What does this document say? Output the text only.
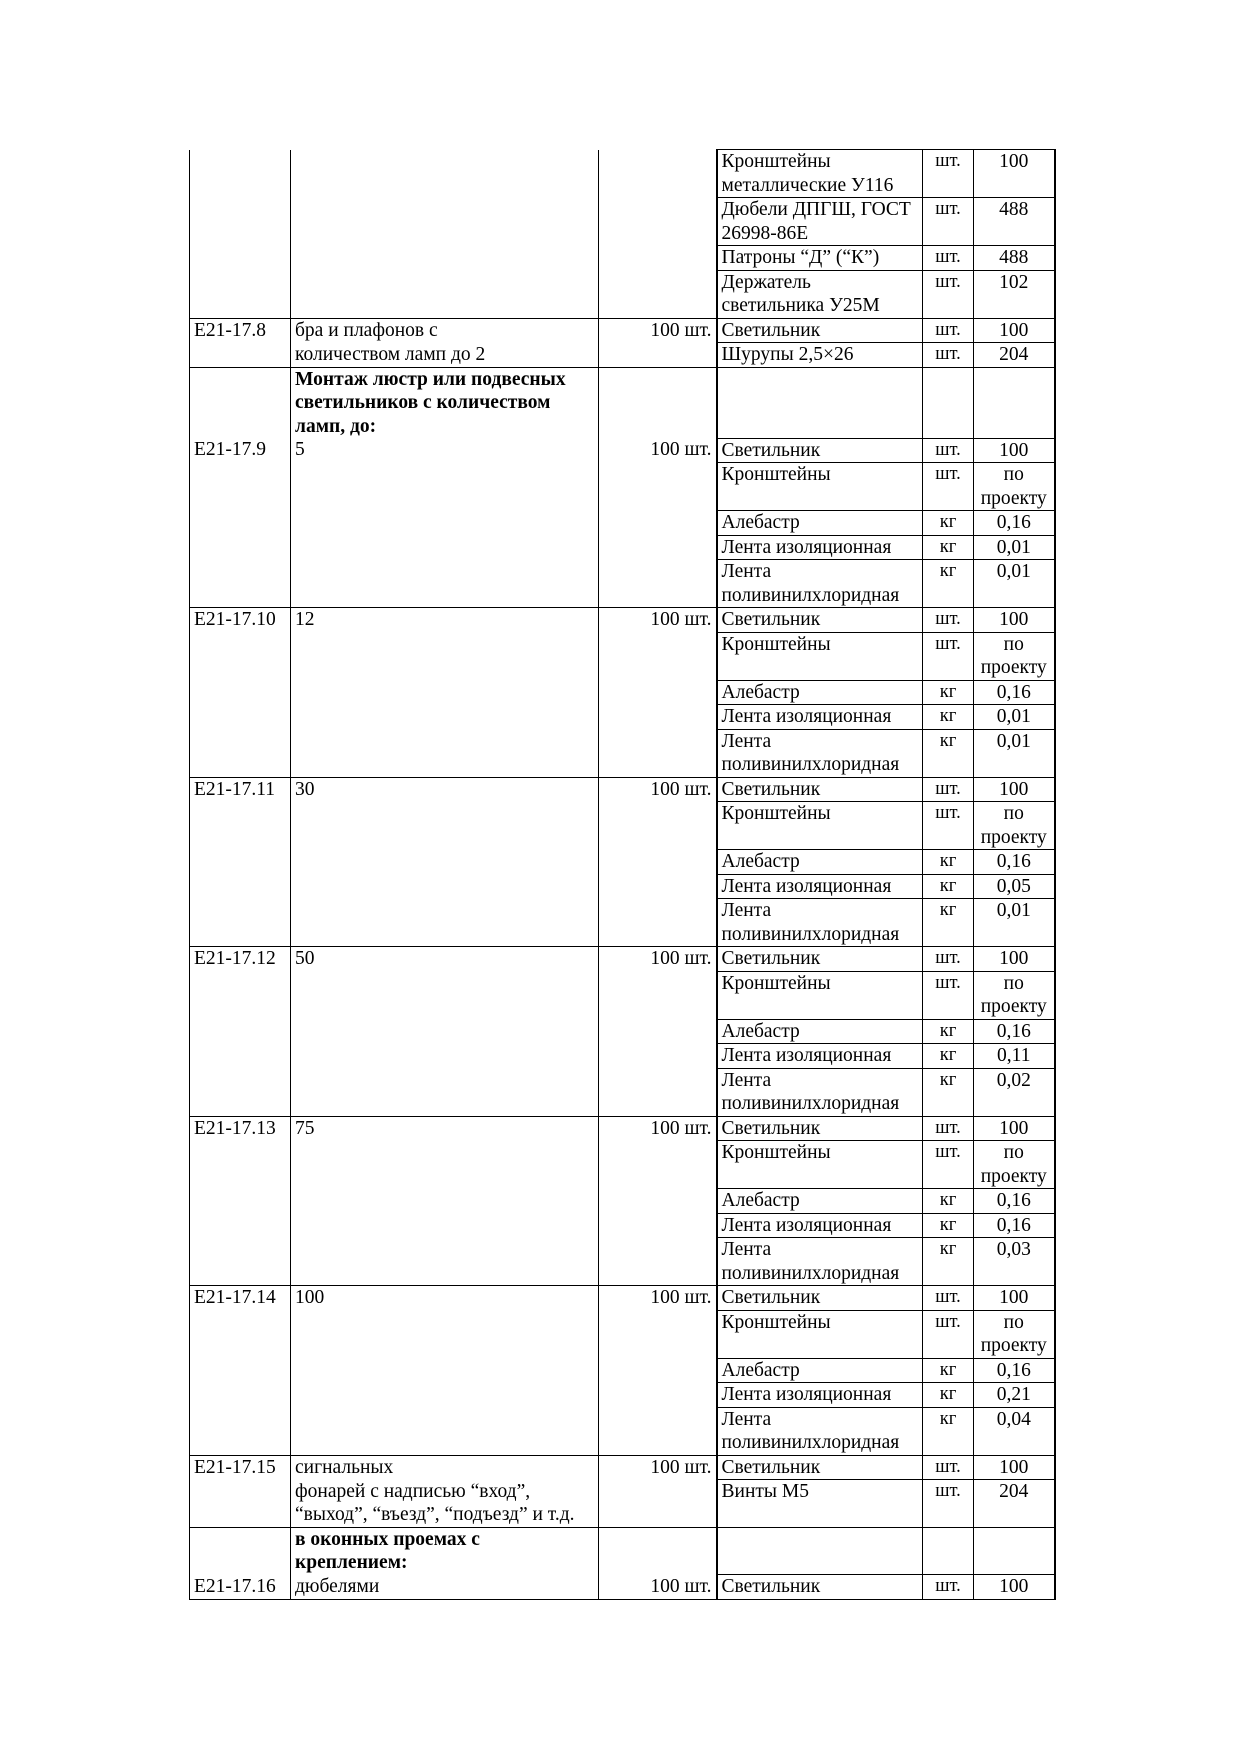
			Кронштейны металлические У116	шт.	100
			Дюбели ДПГШ, ГОСТ 26998-86Е	шт.	488
			Патроны “Д” (“К”)	шт.	488
			Держатель светильника У25М	шт.	102
E21-17.8	бра и плафонов с	100 шт.	Светильник	шт.	100
	количеством ламп до 2		Шурупы 2,5×26	шт.	204
	Монтаж люстр или подвесных светильников с количеством ламп, до:				
E21-17.9	5	100 шт.	Светильник	шт.	100
			Кронштейны	шт.	по проекту
			Алебастр	кг	0,16
			Лента изоляционная	кг	0,01
			Лента поливинилхлоридная	кг	0,01
E21-17.10	12	100 шт.	Светильник	шт.	100
			Кронштейны	шт.	по проекту
			Алебастр	кг	0,16
			Лента изоляционная	кг	0,01
			Лента поливинилхлоридная	кг	0,01
E21-17.11	30	100 шт.	Светильник	шт.	100
			Кронштейны	шт.	по проекту
			Алебастр	кг	0,16
			Лента изоляционная	кг	0,05
			Лента поливинилхлоридная	кг	0,01
E21-17.12	50	100 шт.	Светильник	шт.	100
			Кронштейны	шт.	по проекту
			Алебастр	кг	0,16
			Лента изоляционная	кг	0,11
			Лента поливинилхлоридная	кг	0,02
E21-17.13	75	100 шт.	Светильник	шт.	100
			Кронштейны	шт.	по проекту
			Алебастр	кг	0,16
			Лента изоляционная	кг	0,16
			Лента поливинилхлоридная	кг	0,03
E21-17.14	100	100 шт.	Светильник	шт.	100
			Кронштейны	шт.	по проекту
			Алебастр	кг	0,16
			Лента изоляционная	кг	0,21
			Лента поливинилхлоридная	кг	0,04
E21-17.15	сигнальных	100 шт.	Светильник	шт.	100
	фонарей с надписью “вход”, “выход”, “въезд”, “подъезд” и т.д.		Винты М5	шт.	204
	в оконных проемах с креплением:				
E21-17.16	дюбелями	100 шт.	Светильник	шт.	100
